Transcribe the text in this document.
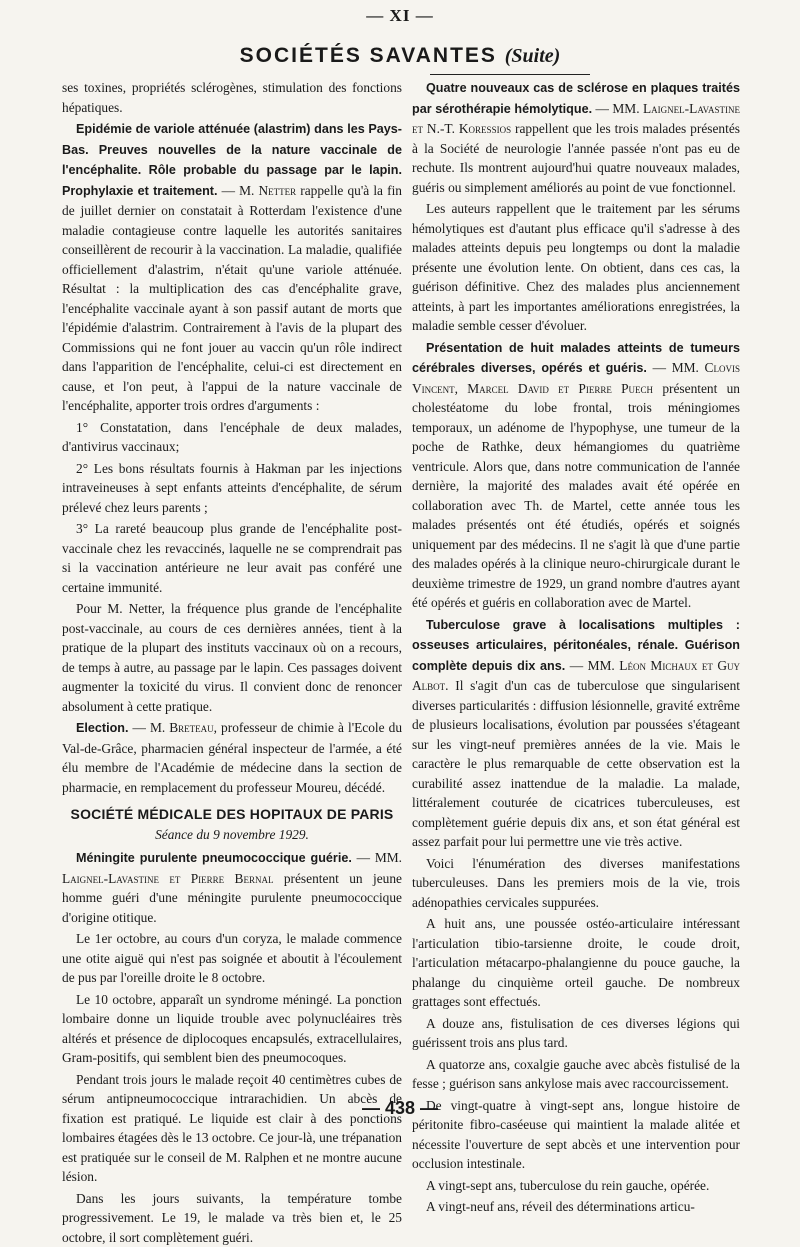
— XI —
SOCIÉTÉS SAVANTES (Suite)

ses toxines, propriétés sclérogènes, stimulation des fonctions hépatiques.

Epidémie de variole atténuée (alastrim) dans les Pays-Bas. Preuves nouvelles de la nature vaccinale de l'encéphalite. Rôle probable du passage par le lapin. Prophylaxie et traitement. — M. Netter rappelle qu'à la fin de juillet dernier on constatait à Rotterdam l'existence d'une maladie contagieuse contre laquelle les autorités sanitaires conseillèrent de recourir à la vaccination. La maladie, qualifiée officiellement d'alastrim, n'était qu'une variole atténuée. Résultat : la multiplication des cas d'encéphalite grave, l'encéphalite vaccinale ayant à son passif autant de morts que l'épidémie d'alastrim. Contrairement à l'avis de la plupart des Commissions qui ne font jouer au vaccin qu'un rôle indirect dans l'apparition de l'encéphalite, celui-ci est directement en cause, et l'on peut, à l'appui de la nature vaccinale de l'encéphalite, apporter trois ordres d'arguments :

1° Constatation, dans l'encéphale de deux malades, d'antivirus vaccinaux;

2° Les bons résultats fournis à Hakman par les injections intraveineuses à sept enfants atteints d'encéphalite, de sérum prélevé chez leurs parents ;

3° La rareté beaucoup plus grande de l'encéphalite post-vaccinale chez les revaccinés, laquelle ne se comprendrait pas si la vaccination antérieure ne leur avait pas conféré une certaine immunité.

Pour M. Netter, la fréquence plus grande de l'encéphalite post-vaccinale, au cours de ces dernières années, tient à la pratique de la plupart des instituts vaccinaux où on a recours, de temps à autre, au passage par le lapin. Ces passages doivent augmenter la toxicité du virus. Il convient donc de renoncer absolument à cette pratique.

Election. — M. Breteau, professeur de chimie à l'Ecole du Val-de-Grâce, pharmacien général inspecteur de l'armée, a été élu membre de l'Académie de médecine dans la section de pharmacie, en remplacement du professeur Moureu, décédé.

SOCIÉTÉ MÉDICALE DES HOPITAUX DE PARIS
Séance du 9 novembre 1929.

Méningite purulente pneumococcique guérie. — MM. Laignel-Lavastine et Pierre Bernal présentent un jeune homme guéri d'une méningite purulente pneumococcique d'origine otitique.

Le 1er octobre, au cours d'un coryza, le malade commence une otite aiguë qui n'est pas soignée et aboutit à l'écoulement de pus par l'oreille droite le 8 octobre.

Le 10 octobre, apparaît un syndrome méningé. La ponction lombaire donne un liquide trouble avec polynucléaires très altérés et présence de diplocoques encapsulés, extracellulaires, Gram-positifs, qui semblent bien des pneumocoques.

Pendant trois jours le malade reçoit 40 centimètres cubes de sérum antipneumococcique intrarachidien. Un abcès de fixation est pratiqué. Le liquide est clair à des ponctions lombaires étagées dès le 13 octobre. Ce jour-là, une trépanation est pratiquée sur le conseil de M. Ralphen et ne montre aucune lésion.

Dans les jours suivants, la température tombe progressivement. Le 19, le malade va très bien et, le 25 octobre, il sort complètement guéri.

Quatre nouveaux cas de sclérose en plaques traités par sérothérapie hémolytique. — MM. Laignel-Lavastine et N.-T. Koressios rappellent que les trois malades présentés à la Société de neurologie l'année passée n'ont pas eu de rechute. Ils montrent aujourd'hui quatre nouveaux malades, guéris ou simplement améliorés au point de vue fonctionnel.

Les auteurs rappellent que le traitement par les sérums hémolytiques est d'autant plus efficace qu'il s'adresse à des malades atteints depuis peu longtemps ou dont la maladie présente une évolution lente. On obtient, dans ces cas, la guérison définitive. Chez des malades plus anciennement atteints, à part les importantes améliorations enregistrées, la maladie semble cesser d'évoluer.

Présentation de huit malades atteints de tumeurs cérébrales diverses, opérés et guéris. — MM. Clovis Vincent, Marcel David et Pierre Puech présentent un cholestéatome du lobe frontal, trois méningiomes temporaux, un adénome de l'hypophyse, une tumeur de la poche de Rathke, deux hémangiomes du quatrième ventricule. Alors que, dans notre communication de l'année dernière, la majorité des malades avait été opérée en collaboration avec Th. de Martel, cette année tous les malades présentés ont été étudiés, opérés et soignés uniquement par des médecins. Il ne s'agit là que d'une partie des malades opérés à la clinique neuro-chirurgicale durant le deuxième trimestre de 1929, un grand nombre d'autres ayant été opérés et guéris en collaboration avec de Martel.

Tuberculose grave à localisations multiples : osseuses articulaires, péritonéales, rénale. Guérison complète depuis dix ans. — MM. Léon Michaux et Guy Albot. Il s'agit d'un cas de tuberculose que singularisent diverses particularités : diffusion lésionnelle, gravité extrême de plusieurs localisations, évolution par poussées s'étageant sur les vingt-neuf premières années de la vie. Mais le caractère le plus remarquable de cette observation est la curabilité assez inattendue de la maladie. La malade, littéralement couturée de cicatrices tuberculeuses, est complètement guérie depuis dix ans, et son état général est assez parfait pour lui permettre une vie très active.

Voici l'énumération des diverses manifestations tuberculeuses. Dans les premiers mois de la vie, trois adénopathies cervicales suppurées.

A huit ans, une poussée ostéo-articulaire intéressant l'articulation tibio-tarsienne droite, le coude droit, l'articulation métacarpo-phalangienne du pouce gauche, la phalange du cinquième orteil gauche. De nombreux grattages sont effectués.

A douze ans, fistulisation de ces diverses légions qui guérissent trois ans plus tard.

A quatorze ans, coxalgie gauche avec abcès fistulisé de la fesse ; guérison sans ankylose mais avec raccourcissement.

De vingt-quatre à vingt-sept ans, longue histoire de péritonite fibro-caséeuse qui maintient la malade alitée et nécessite l'ouverture de sept abcès et une intervention pour occlusion intestinale.

A vingt-sept ans, tuberculose du rein gauche, opérée.

A vingt-neuf ans, réveil des déterminations articu-

— 438 —
